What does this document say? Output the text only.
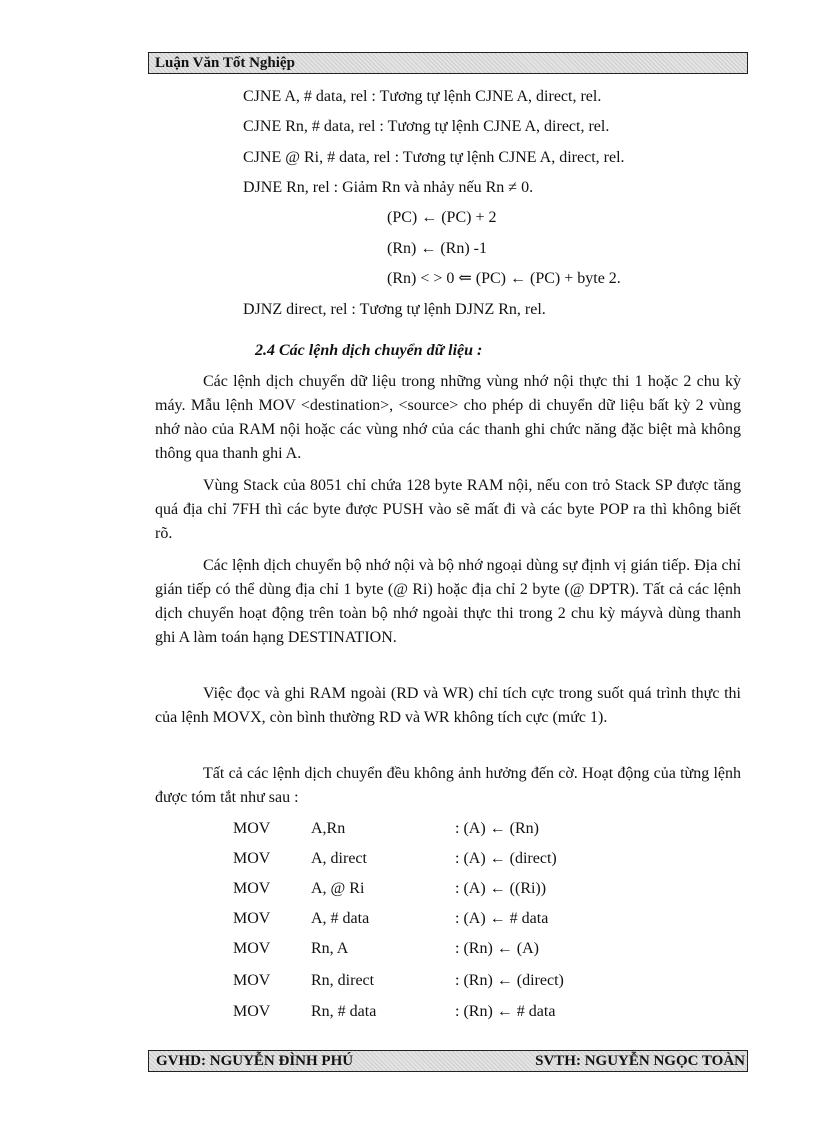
Luận Văn Tốt Nghiệp
CJNE A, # data, rel : Tương tự lệnh CJNE A, direct, rel.
CJNE Rn, # data, rel : Tương tự lệnh CJNE A, direct, rel.
CJNE @ Ri, # data, rel : Tương tự lệnh CJNE A, direct, rel.
DJNE Rn, rel : Giảm Rn và nhảy nếu Rn ≠ 0.
(PC) ← (PC) + 2
(Rn) ← (Rn) -1
(Rn) < > 0 ⇐ (PC) ← (PC) + byte 2.
DJNZ direct, rel : Tương tự lệnh DJNZ Rn, rel.
2.4 Các lệnh dịch chuyển dữ liệu :
Các lệnh dịch chuyển dữ liệu trong những vùng nhớ nội thực thi 1 hoặc 2 chu kỳ máy. Mẫu lệnh MOV <destination>, <source> cho phép di chuyển dữ liệu bất kỳ 2 vùng nhớ nào của RAM nội hoặc các vùng nhớ của các thanh ghi chức năng đặc biệt mà không thông qua thanh ghi A.
Vùng Stack của 8051 chỉ chứa 128 byte RAM nội, nếu con trỏ Stack SP được tăng quá địa chỉ 7FH thì các byte được PUSH vào sẽ mất đi và các byte POP ra thì không biết rõ.
Các lệnh dịch chuyển bộ nhớ nội và bộ nhớ ngoại dùng sự định vị gián tiếp. Địa chỉ gián tiếp có thể dùng địa chỉ 1 byte (@ Ri) hoặc địa chỉ 2 byte (@ DPTR). Tất cả các lệnh dịch chuyển hoạt động trên toàn bộ nhớ ngoài thực thi trong 2 chu kỳ máyvà dùng thanh ghi A làm toán hạng DESTINATION.
Việc đọc và ghi RAM ngoài (RD và WR) chỉ tích cực trong suốt quá trình thực thi của lệnh MOVX, còn bình thường RD và WR không tích cực (mức 1).
Tất cả các lệnh dịch chuyển đều không ảnh hưởng đến cờ. Hoạt động của từng lệnh được tóm tắt như sau :
MOV	A,Rn	: (A) ← (Rn)
MOV	A, direct	: (A) ← (direct)
MOV	A, @ Ri	: (A) ← ((Ri))
MOV	A, # data	: (A) ← # data
MOV	Rn, A	: (Rn) ← (A)
MOV	Rn, direct	: (Rn) ← (direct)
MOV	Rn, # data	: (Rn) ← # data
GVHD: NGUYỄN ĐÌNH PHÚ	SVTH: NGUYỄN NGỌC TOÀN
